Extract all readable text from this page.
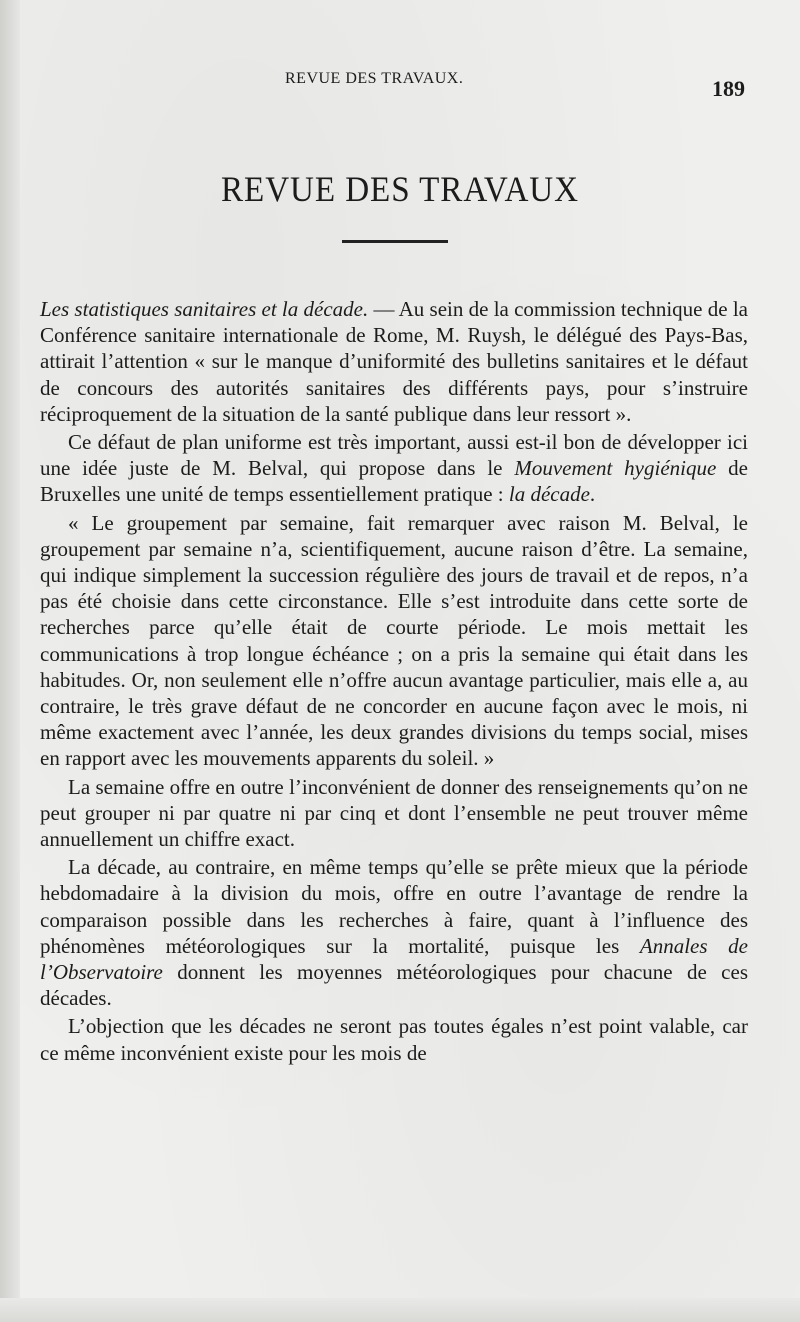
REVUE DES TRAVAUX.	189
REVUE DES TRAVAUX

Les statistiques sanitaires et la décade. — Au sein de la commission technique de la Conférence sanitaire internationale de Rome, M. Ruysh, le délégué des Pays-Bas, attirait l’attention « sur le manque d’uniformité des bulletins sanitaires et le défaut de concours des autorités sanitaires des différents pays, pour s’instruire réciproquement de la situation de la santé publique dans leur ressort ».

Ce défaut de plan uniforme est très important, aussi est-il bon de développer ici une idée juste de M. Belval, qui propose dans le Mouvement hygiénique de Bruxelles une unité de temps essentiellement pratique : la décade.

« Le groupement par semaine, fait remarquer avec raison M. Belval, le groupement par semaine n’a, scientifiquement, aucune raison d’être. La semaine, qui indique simplement la succession régulière des jours de travail et de repos, n’a pas été choisie dans cette circonstance. Elle s’est introduite dans cette sorte de recherches parce qu’elle était de courte période. Le mois mettait les communications à trop longue échéance ; on a pris la semaine qui était dans les habitudes. Or, non seulement elle n’offre aucun avantage particulier, mais elle a, au contraire, le très grave défaut de ne concorder en aucune façon avec le mois, ni même exactement avec l’année, les deux grandes divisions du temps social, mises en rapport avec les mouvements apparents du soleil. »

La semaine offre en outre l’inconvénient de donner des renseignements qu’on ne peut grouper ni par quatre ni par cinq et dont l’ensemble ne peut trouver même annuellement un chiffre exact.

La décade, au contraire, en même temps qu’elle se prête mieux que la période hebdomadaire à la division du mois, offre en outre l’avantage de rendre la comparaison possible dans les recherches à faire, quant à l’influence des phénomènes météorologiques sur la mortalité, puisque les Annales de l’Observatoire donnent les moyennes météorologiques pour chacune de ces décades.

L’objection que les décades ne seront pas toutes égales n’est point valable, car ce même inconvénient existe pour les mois de
